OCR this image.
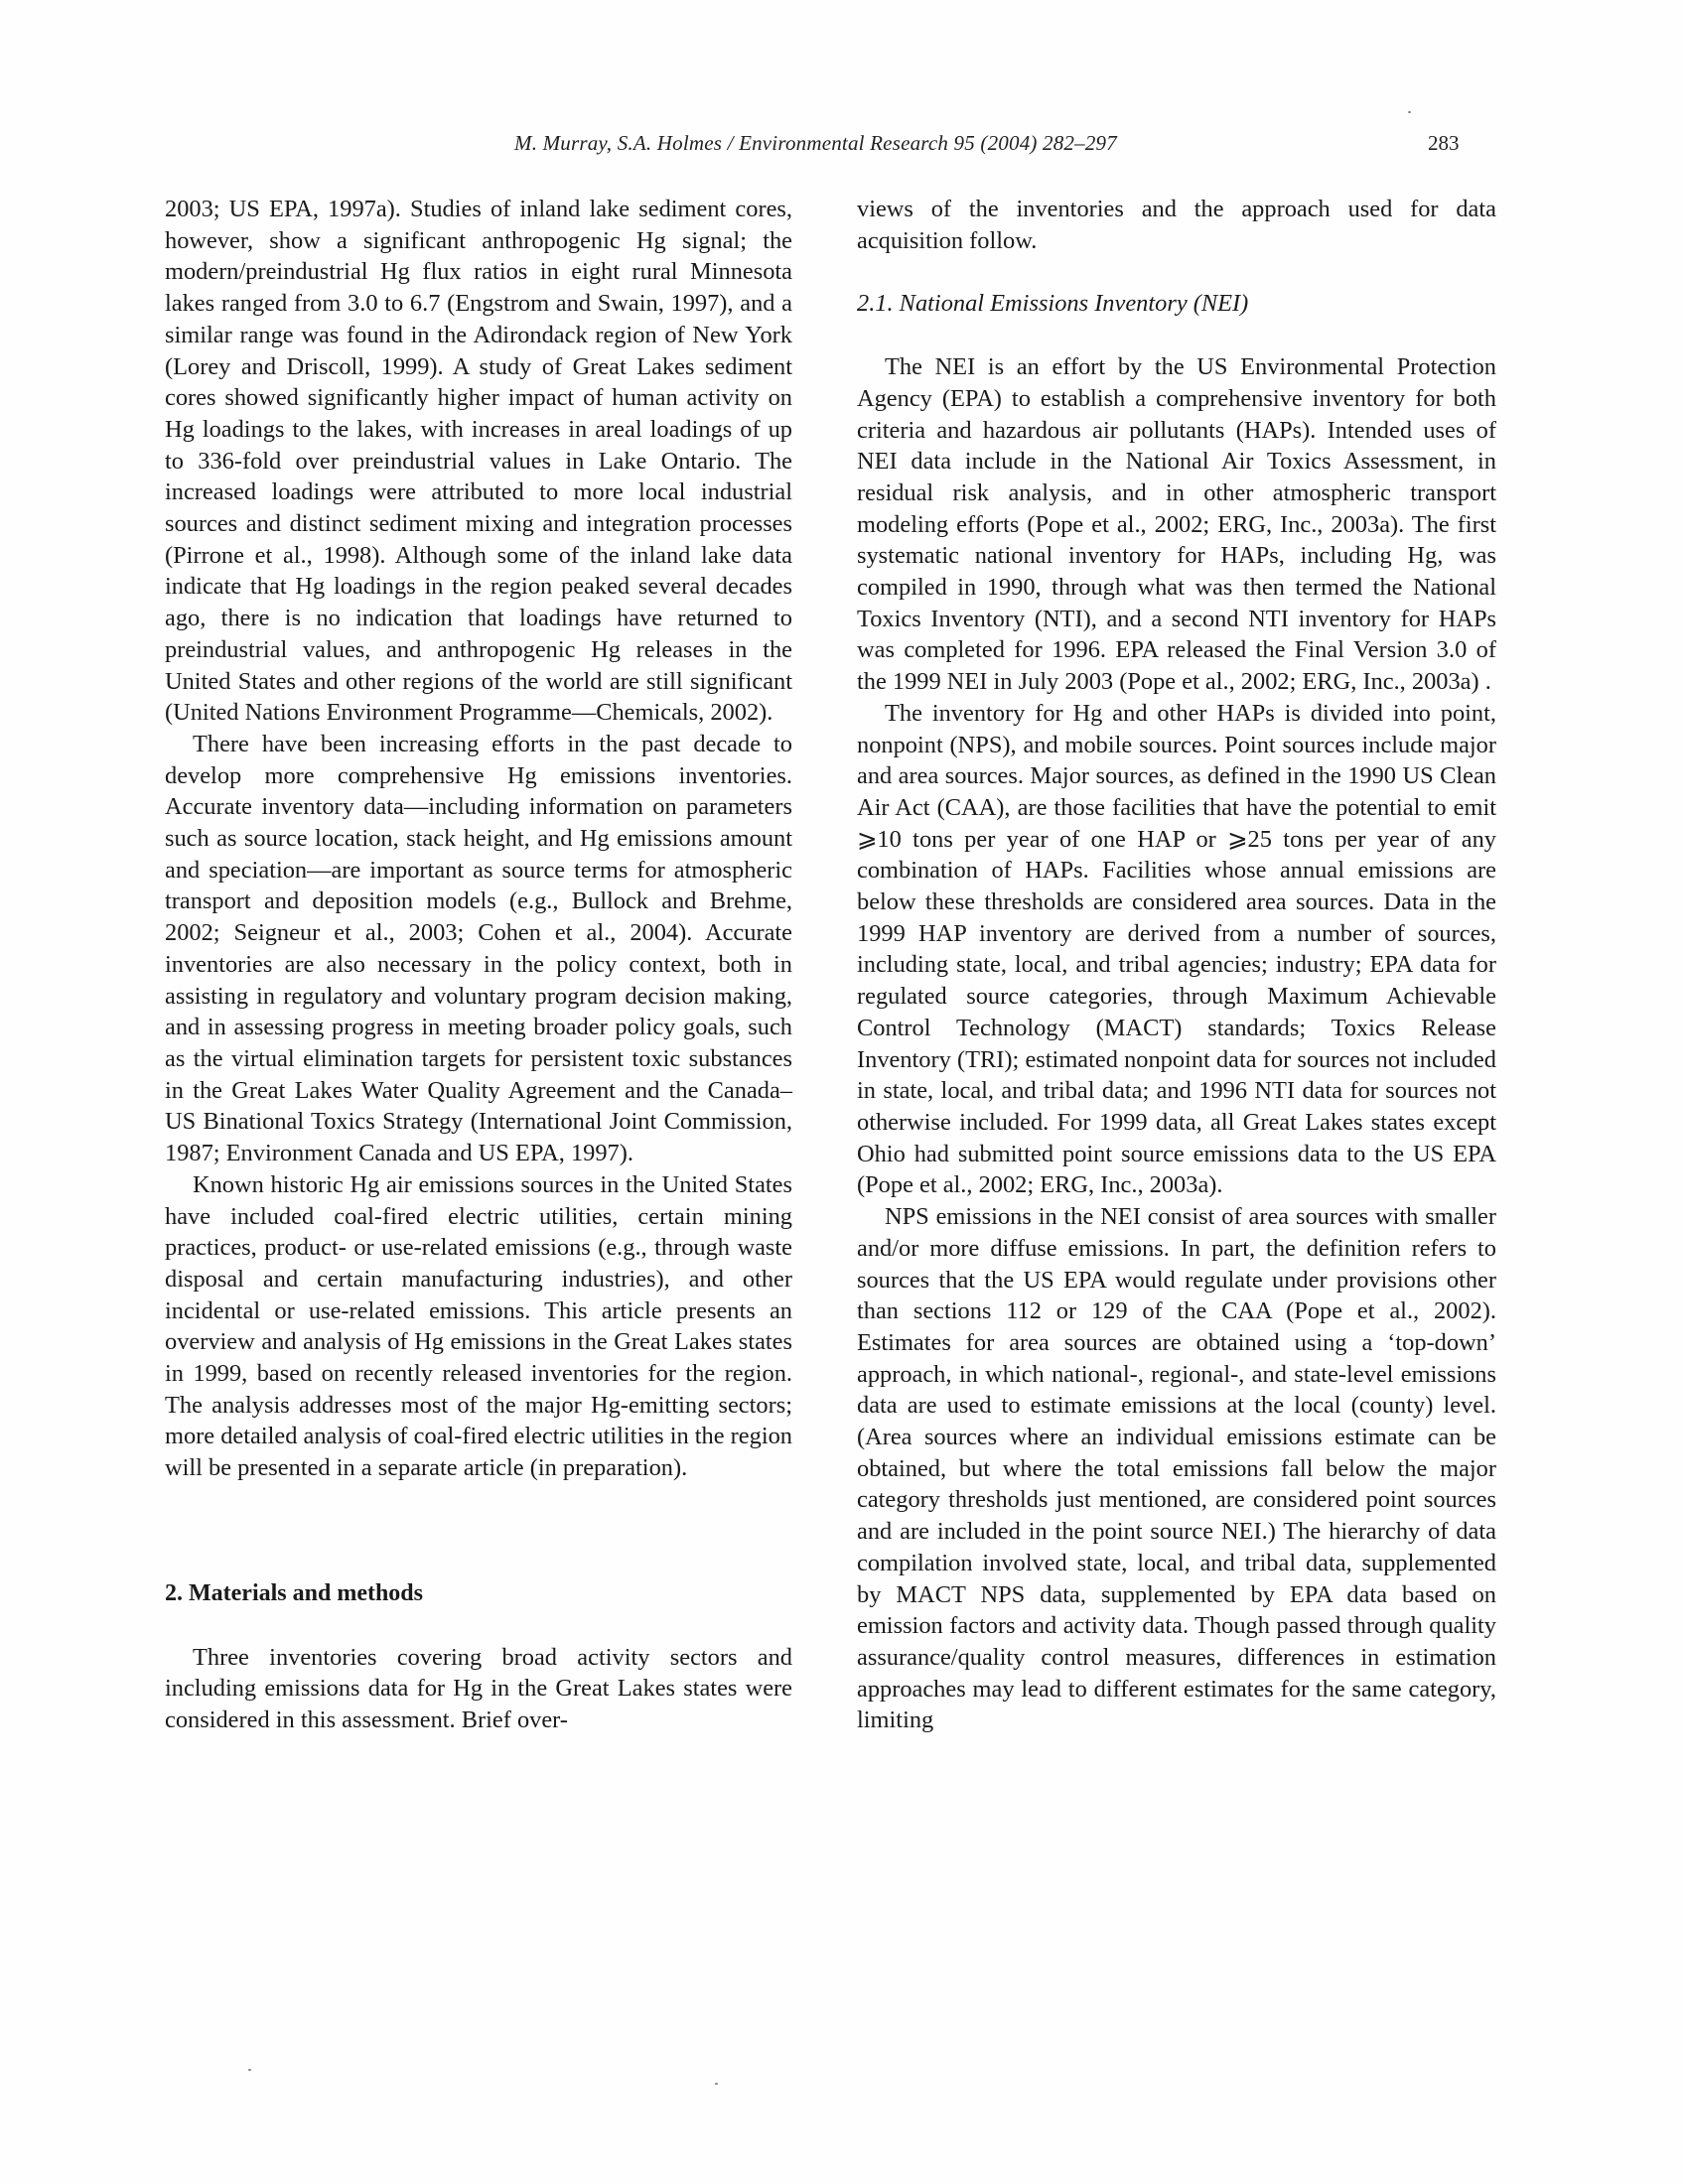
M. Murray, S.A. Holmes / Environmental Research 95 (2004) 282–297	283

2003; US EPA, 1997a). Studies of inland lake sediment cores, however, show a significant anthropogenic Hg signal; the modern/preindustrial Hg flux ratios in eight rural Minnesota lakes ranged from 3.0 to 6.7 (Engstrom and Swain, 1997), and a similar range was found in the Adirondack region of New York (Lorey and Driscoll, 1999). A study of Great Lakes sediment cores showed significantly higher impact of human activity on Hg loadings to the lakes, with increases in areal loadings of up to 336-fold over preindustrial values in Lake Ontario. The increased loadings were attributed to more local industrial sources and distinct sediment mixing and integration processes (Pirrone et al., 1998). Although some of the inland lake data indicate that Hg loadings in the region peaked several decades ago, there is no indication that loadings have returned to preindustrial values, and anthropogenic Hg releases in the United States and other regions of the world are still significant (United Nations Environment Programme—Chemicals, 2002).

There have been increasing efforts in the past decade to develop more comprehensive Hg emissions inventories. Accurate inventory data—including information on parameters such as source location, stack height, and Hg emissions amount and speciation—are important as source terms for atmospheric transport and deposition models (e.g., Bullock and Brehme, 2002; Seigneur et al., 2003; Cohen et al., 2004). Accurate inventories are also necessary in the policy context, both in assisting in regulatory and voluntary program decision making, and in assessing progress in meeting broader policy goals, such as the virtual elimination targets for persistent toxic substances in the Great Lakes Water Quality Agreement and the Canada–US Binational Toxics Strategy (International Joint Commission, 1987; Environment Canada and US EPA, 1997).

Known historic Hg air emissions sources in the United States have included coal-fired electric utilities, certain mining practices, product- or use-related emissions (e.g., through waste disposal and certain manufacturing industries), and other incidental or use-related emissions. This article presents an overview and analysis of Hg emissions in the Great Lakes states in 1999, based on recently released inventories for the region. The analysis addresses most of the major Hg-emitting sectors; more detailed analysis of coal-fired electric utilities in the region will be presented in a separate article (in preparation).

2. Materials and methods

Three inventories covering broad activity sectors and including emissions data for Hg in the Great Lakes states were considered in this assessment. Brief over-

views of the inventories and the approach used for data acquisition follow.

2.1. National Emissions Inventory (NEI)

The NEI is an effort by the US Environmental Protection Agency (EPA) to establish a comprehensive inventory for both criteria and hazardous air pollutants (HAPs). Intended uses of NEI data include in the National Air Toxics Assessment, in residual risk analysis, and in other atmospheric transport modeling efforts (Pope et al., 2002; ERG, Inc., 2003a). The first systematic national inventory for HAPs, including Hg, was compiled in 1990, through what was then termed the National Toxics Inventory (NTI), and a second NTI inventory for HAPs was completed for 1996. EPA released the Final Version 3.0 of the 1999 NEI in July 2003 (Pope et al., 2002; ERG, Inc., 2003a) .

The inventory for Hg and other HAPs is divided into point, nonpoint (NPS), and mobile sources. Point sources include major and area sources. Major sources, as defined in the 1990 US Clean Air Act (CAA), are those facilities that have the potential to emit ⩾10 tons per year of one HAP or ⩾25 tons per year of any combination of HAPs. Facilities whose annual emissions are below these thresholds are considered area sources. Data in the 1999 HAP inventory are derived from a number of sources, including state, local, and tribal agencies; industry; EPA data for regulated source categories, through Maximum Achievable Control Technology (MACT) standards; Toxics Release Inventory (TRI); estimated nonpoint data for sources not included in state, local, and tribal data; and 1996 NTI data for sources not otherwise included. For 1999 data, all Great Lakes states except Ohio had submitted point source emissions data to the US EPA (Pope et al., 2002; ERG, Inc., 2003a).

NPS emissions in the NEI consist of area sources with smaller and/or more diffuse emissions. In part, the definition refers to sources that the US EPA would regulate under provisions other than sections 112 or 129 of the CAA (Pope et al., 2002). Estimates for area sources are obtained using a ‘top-down’ approach, in which national-, regional-, and state-level emissions data are used to estimate emissions at the local (county) level. (Area sources where an individual emissions estimate can be obtained, but where the total emissions fall below the major category thresholds just mentioned, are considered point sources and are included in the point source NEI.) The hierarchy of data compilation involved state, local, and tribal data, supplemented by MACT NPS data, supplemented by EPA data based on emission factors and activity data. Though passed through quality assurance/quality control measures, differences in estimation approaches may lead to different estimates for the same category, limiting
